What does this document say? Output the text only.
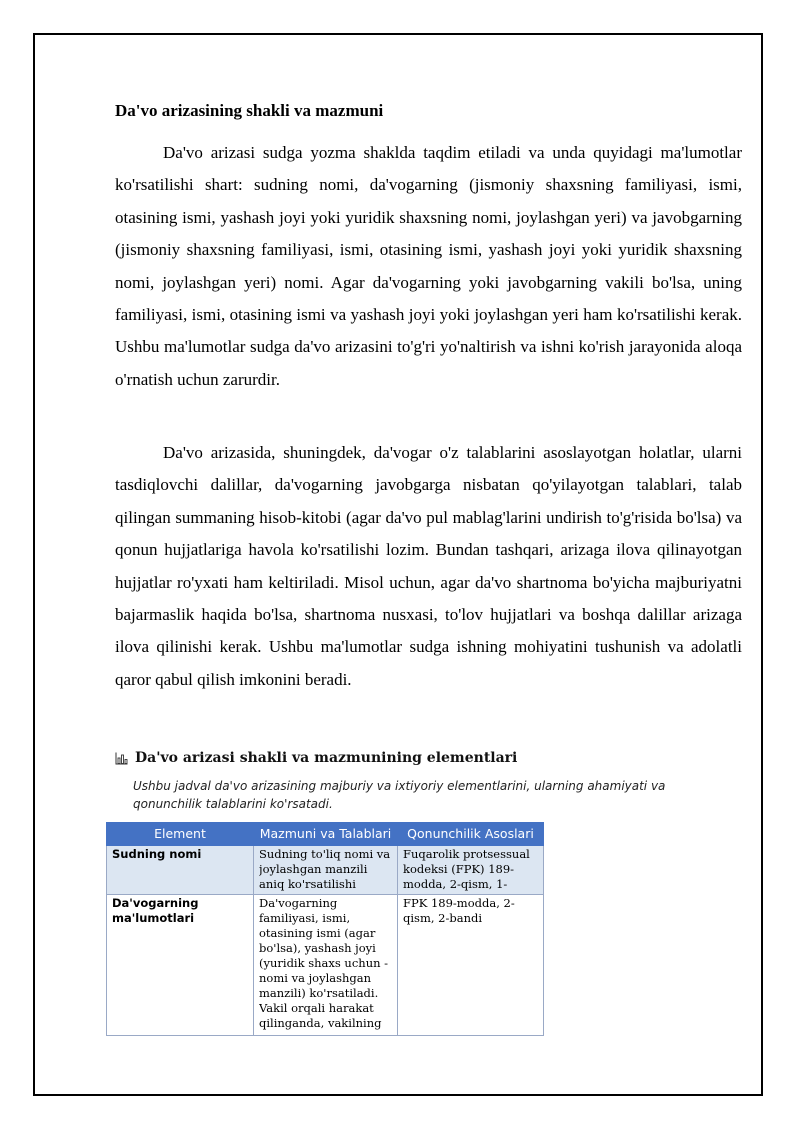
Da'vo arizasining shakli va mazmuni
Da'vo arizasi sudga yozma shaklda taqdim etiladi va unda quyidagi ma'lumotlar ko'rsatilishi shart: sudning nomi, da'vogarning (jismoniy shaxsning familiyasi, ismi, otasining ismi, yashash joyi yoki yuridik shaxsning nomi, joylashgan yeri) va javobgarning (jismoniy shaxsning familiyasi, ismi, otasining ismi, yashash joyi yoki yuridik shaxsning nomi, joylashgan yeri) nomi. Agar da'vogarning yoki javobgarning vakili bo'lsa, uning familiyasi, ismi, otasining ismi va yashash joyi yoki joylashgan yeri ham ko'rsatilishi kerak. Ushbu ma'lumotlar sudga da'vo arizasini to'g'ri yo'naltirish va ishni ko'rish jarayonida aloqa o'rnatish uchun zarurdir.
Da'vo arizasida, shuningdek, da'vogar o'z talablarini asoslayotgan holatlar, ularni tasdiqlovchi dalillar, da'vogarning javobgarga nisbatan qo'yilayotgan talablari, talab qilingan summaning hisob-kitobi (agar da'vo pul mablag'larini undirish to'g'risida bo'lsa) va qonun hujjatlariga havola ko'rsatilishi lozim. Bundan tashqari, arizaga ilova qilinayotgan hujjatlar ro'yxati ham keltiriladi. Misol uchun, agar da'vo shartnoma bo'yicha majburiyatni bajarmaslik haqida bo'lsa, shartnoma nusxasi, to'lov hujjatlari va boshqa dalillar arizaga ilova qilinishi kerak. Ushbu ma'lumotlar sudga ishning mohiyatini tushunish va adolatli qaror qabul qilish imkonini beradi.
Da'vo arizasi shakli va mazmunining elementlari
Ushbu jadval da'vo arizasining majburiy va ixtiyoriy elementlarini, ularning ahamiyati va qonunchilik talablarini ko'rsatadi.
Element	Mazmuni va Talablari	Qonunchilik Asoslari

Sudning nomi	Sudning to'liq nomi va joylashgan manzili aniq ko'rsatilishi	Fuqarolik protsessual kodeksi (FPK) 189-modda, 2-qism, 1-

Da'vogarning ma'lumotlari	Da'vogarning familiyasi, ismi, otasining ismi (agar bo'lsa), yashash joyi (yuridik shaxs uchun - nomi va joylashgan manzili) ko'rsatiladi. Vakil orqali harakat qilinganda, vakilning	FPK 189-modda, 2-qism, 2-bandi
